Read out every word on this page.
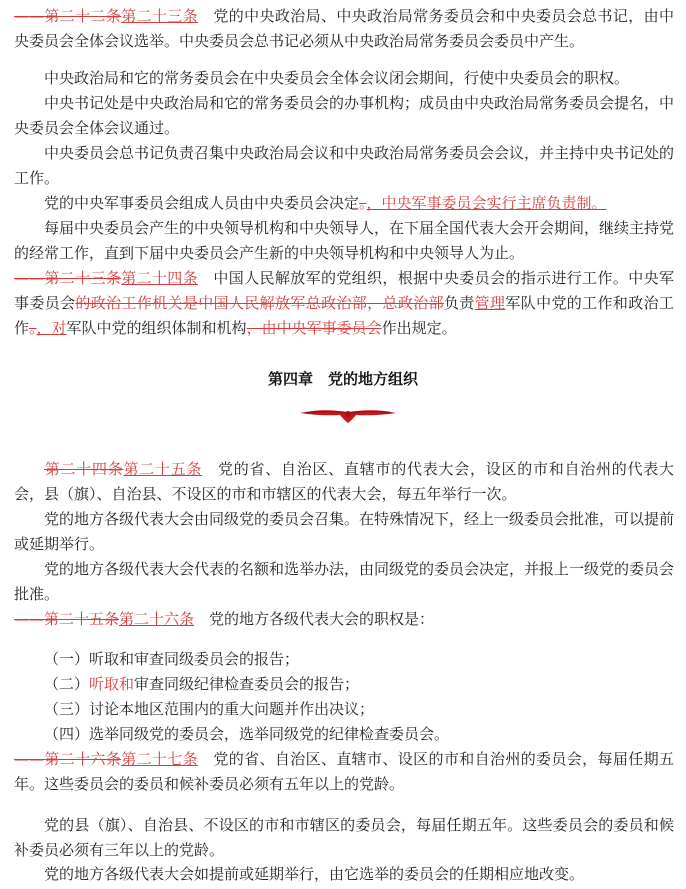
——第二十二条第二十三条　党的中央政治局、中央政治局常务委员会和中央委员会总书记，由中央委员会全体会议选举。中央委员会总书记必须从中央政治局常务委员会委员中产生。

中央政治局和它的常务委员会在中央委员会全体会议闭会期间，行使中央委员会的职权。

中央书记处是中央政治局和它的常务委员会的办事机构；成员由中央政治局常务委员会提名，中央委员会全体会议通过。

中央委员会总书记负责召集中央政治局会议和中央政治局常务委员会会议，并主持中央书记处的工作。

党的中央军事委员会组成人员由中央委员会决定。，中央军事委员会实行主席负责制。

每届中央委员会产生的中央领导机构和中央领导人，在下届全国代表大会开会期间，继续主持党的经常工作，直到下届中央委员会产生新的中央领导机构和中央领导人为止。

——第二十三条第二十四条　中国人民解放军的党组织，根据中央委员会的指示进行工作。中央军事委员会的政治工作机关是中国人民解放军总政治部，总政治部负责管理军队中党的工作和政治工作。，对军队中党的组织体制和机构，由中央军事委员会作出规定。

第四章　党的地方组织

第二十四条第二十五条　党的省、自治区、直辖市的代表大会，设区的市和自治州的代表大会，县（旗）、自治县、不设区的市和市辖区的代表大会，每五年举行一次。

党的地方各级代表大会由同级党的委员会召集。在特殊情况下，经上一级委员会批准，可以提前或延期举行。

党的地方各级代表大会代表的名额和选举办法，由同级党的委员会决定，并报上一级党的委员会批准。

——第二十五条第二十六条　党的地方各级代表大会的职权是：

（一）听取和审查同级委员会的报告；
（二）听取和审查同级纪律检查委员会的报告；
（三）讨论本地区范围内的重大问题并作出决议；
（四）选举同级党的委员会，选举同级党的纪律检查委员会。

——第二十六条第二十七条　党的省、自治区、直辖市、设区的市和自治州的委员会，每届任期五年。这些委员会的委员和候补委员必须有五年以上的党龄。

党的县（旗）、自治县、不设区的市和市辖区的委员会，每届任期五年。这些委员会的委员和候补委员必须有三年以上的党龄。

党的地方各级代表大会如提前或延期举行，由它选举的委员会的任期相应地改变。
